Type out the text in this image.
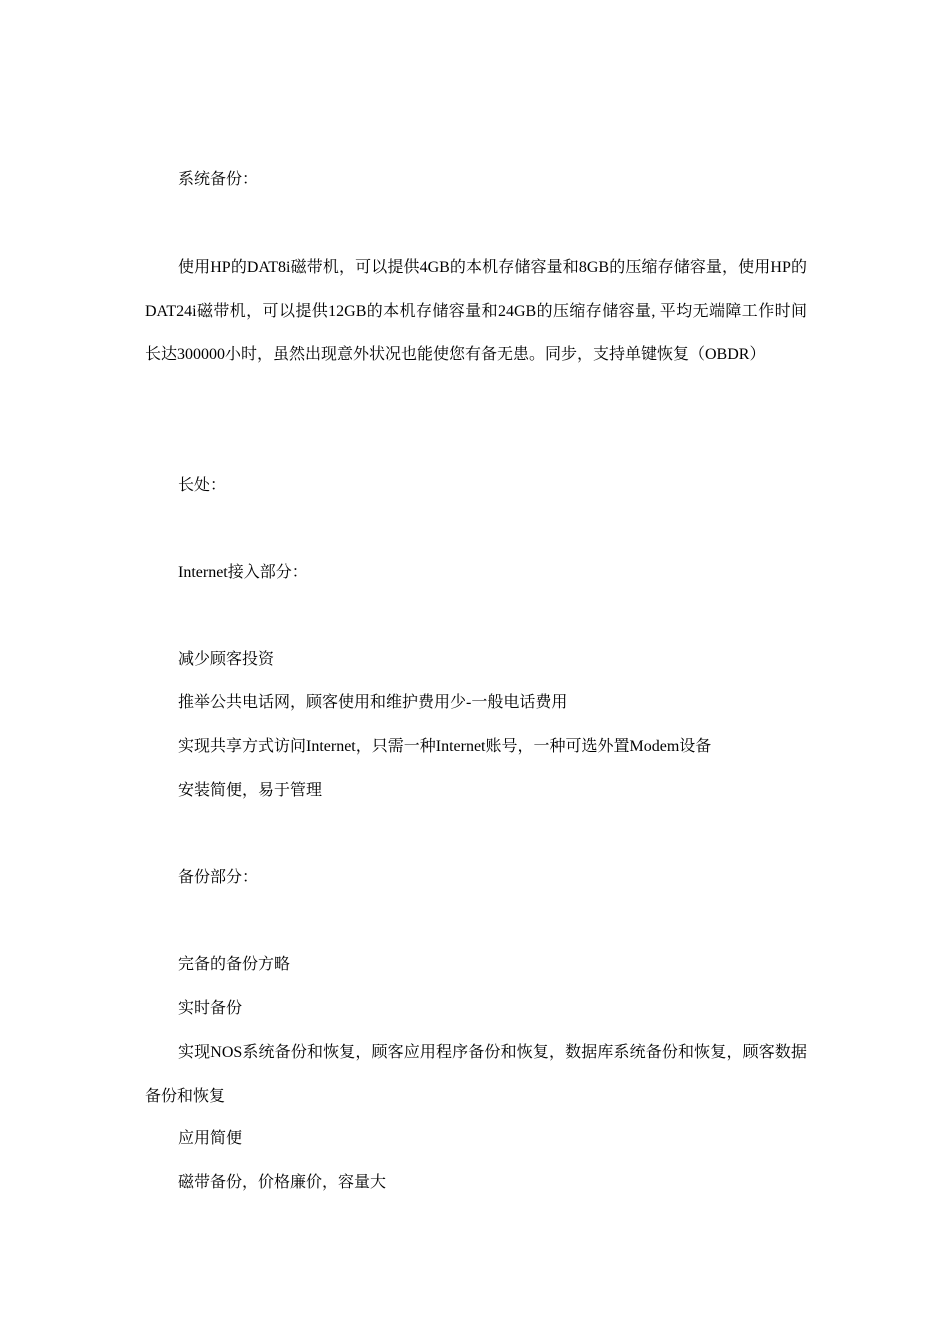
系统备份：
使用HP的DAT8i磁带机，可以提供4GB的本机存储容量和8GB的压缩存储容量，使用HP的DAT24i磁带机，可以提供12GB的本机存储容量和24GB的压缩存储容量, 平均无端障工作时间长达300000小时，虽然出现意外状况也能使您有备无患。同步，支持单键恢复（OBDR）
长处：
Internet接入部分：
减少顾客投资
推举公共电话网，顾客使用和维护费用少-一般电话费用
实现共享方式访问Internet，只需一种Internet账号，一种可选外置Modem设备
安装简便，易于管理
备份部分：
完备的备份方略
实时备份
实现NOS系统备份和恢复，顾客应用程序备份和恢复，数据库系统备份和恢复，顾客数据备份和恢复
应用简便
磁带备份，价格廉价，容量大
